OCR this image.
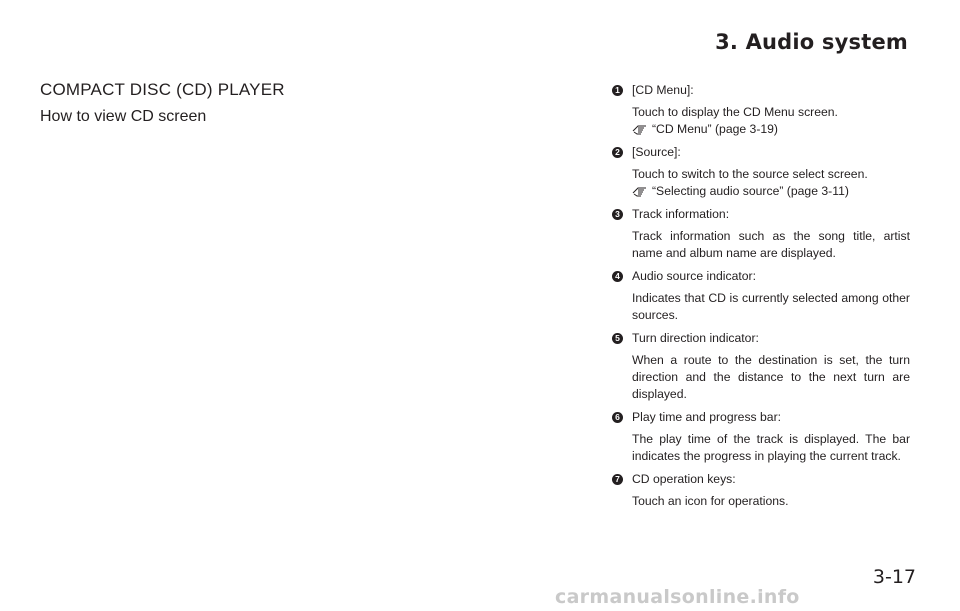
3. Audio system
COMPACT DISC (CD) PLAYER
How to view CD screen
1 [CD Menu]:
Touch to display the CD Menu screen.
“CD Menu” (page 3-19)
2 [Source]:
Touch to switch to the source select screen.
“Selecting audio source” (page 3-11)
3 Track information:
Track information such as the song title, artist name and album name are displayed.
4 Audio source indicator:
Indicates that CD is currently selected among other sources.
5 Turn direction indicator:
When a route to the destination is set, the turn direction and the distance to the next turn are displayed.
6 Play time and progress bar:
The play time of the track is displayed. The bar indicates the progress in playing the current track.
7 CD operation keys:
Touch an icon for operations.
3-17
carmanualsonline.info
